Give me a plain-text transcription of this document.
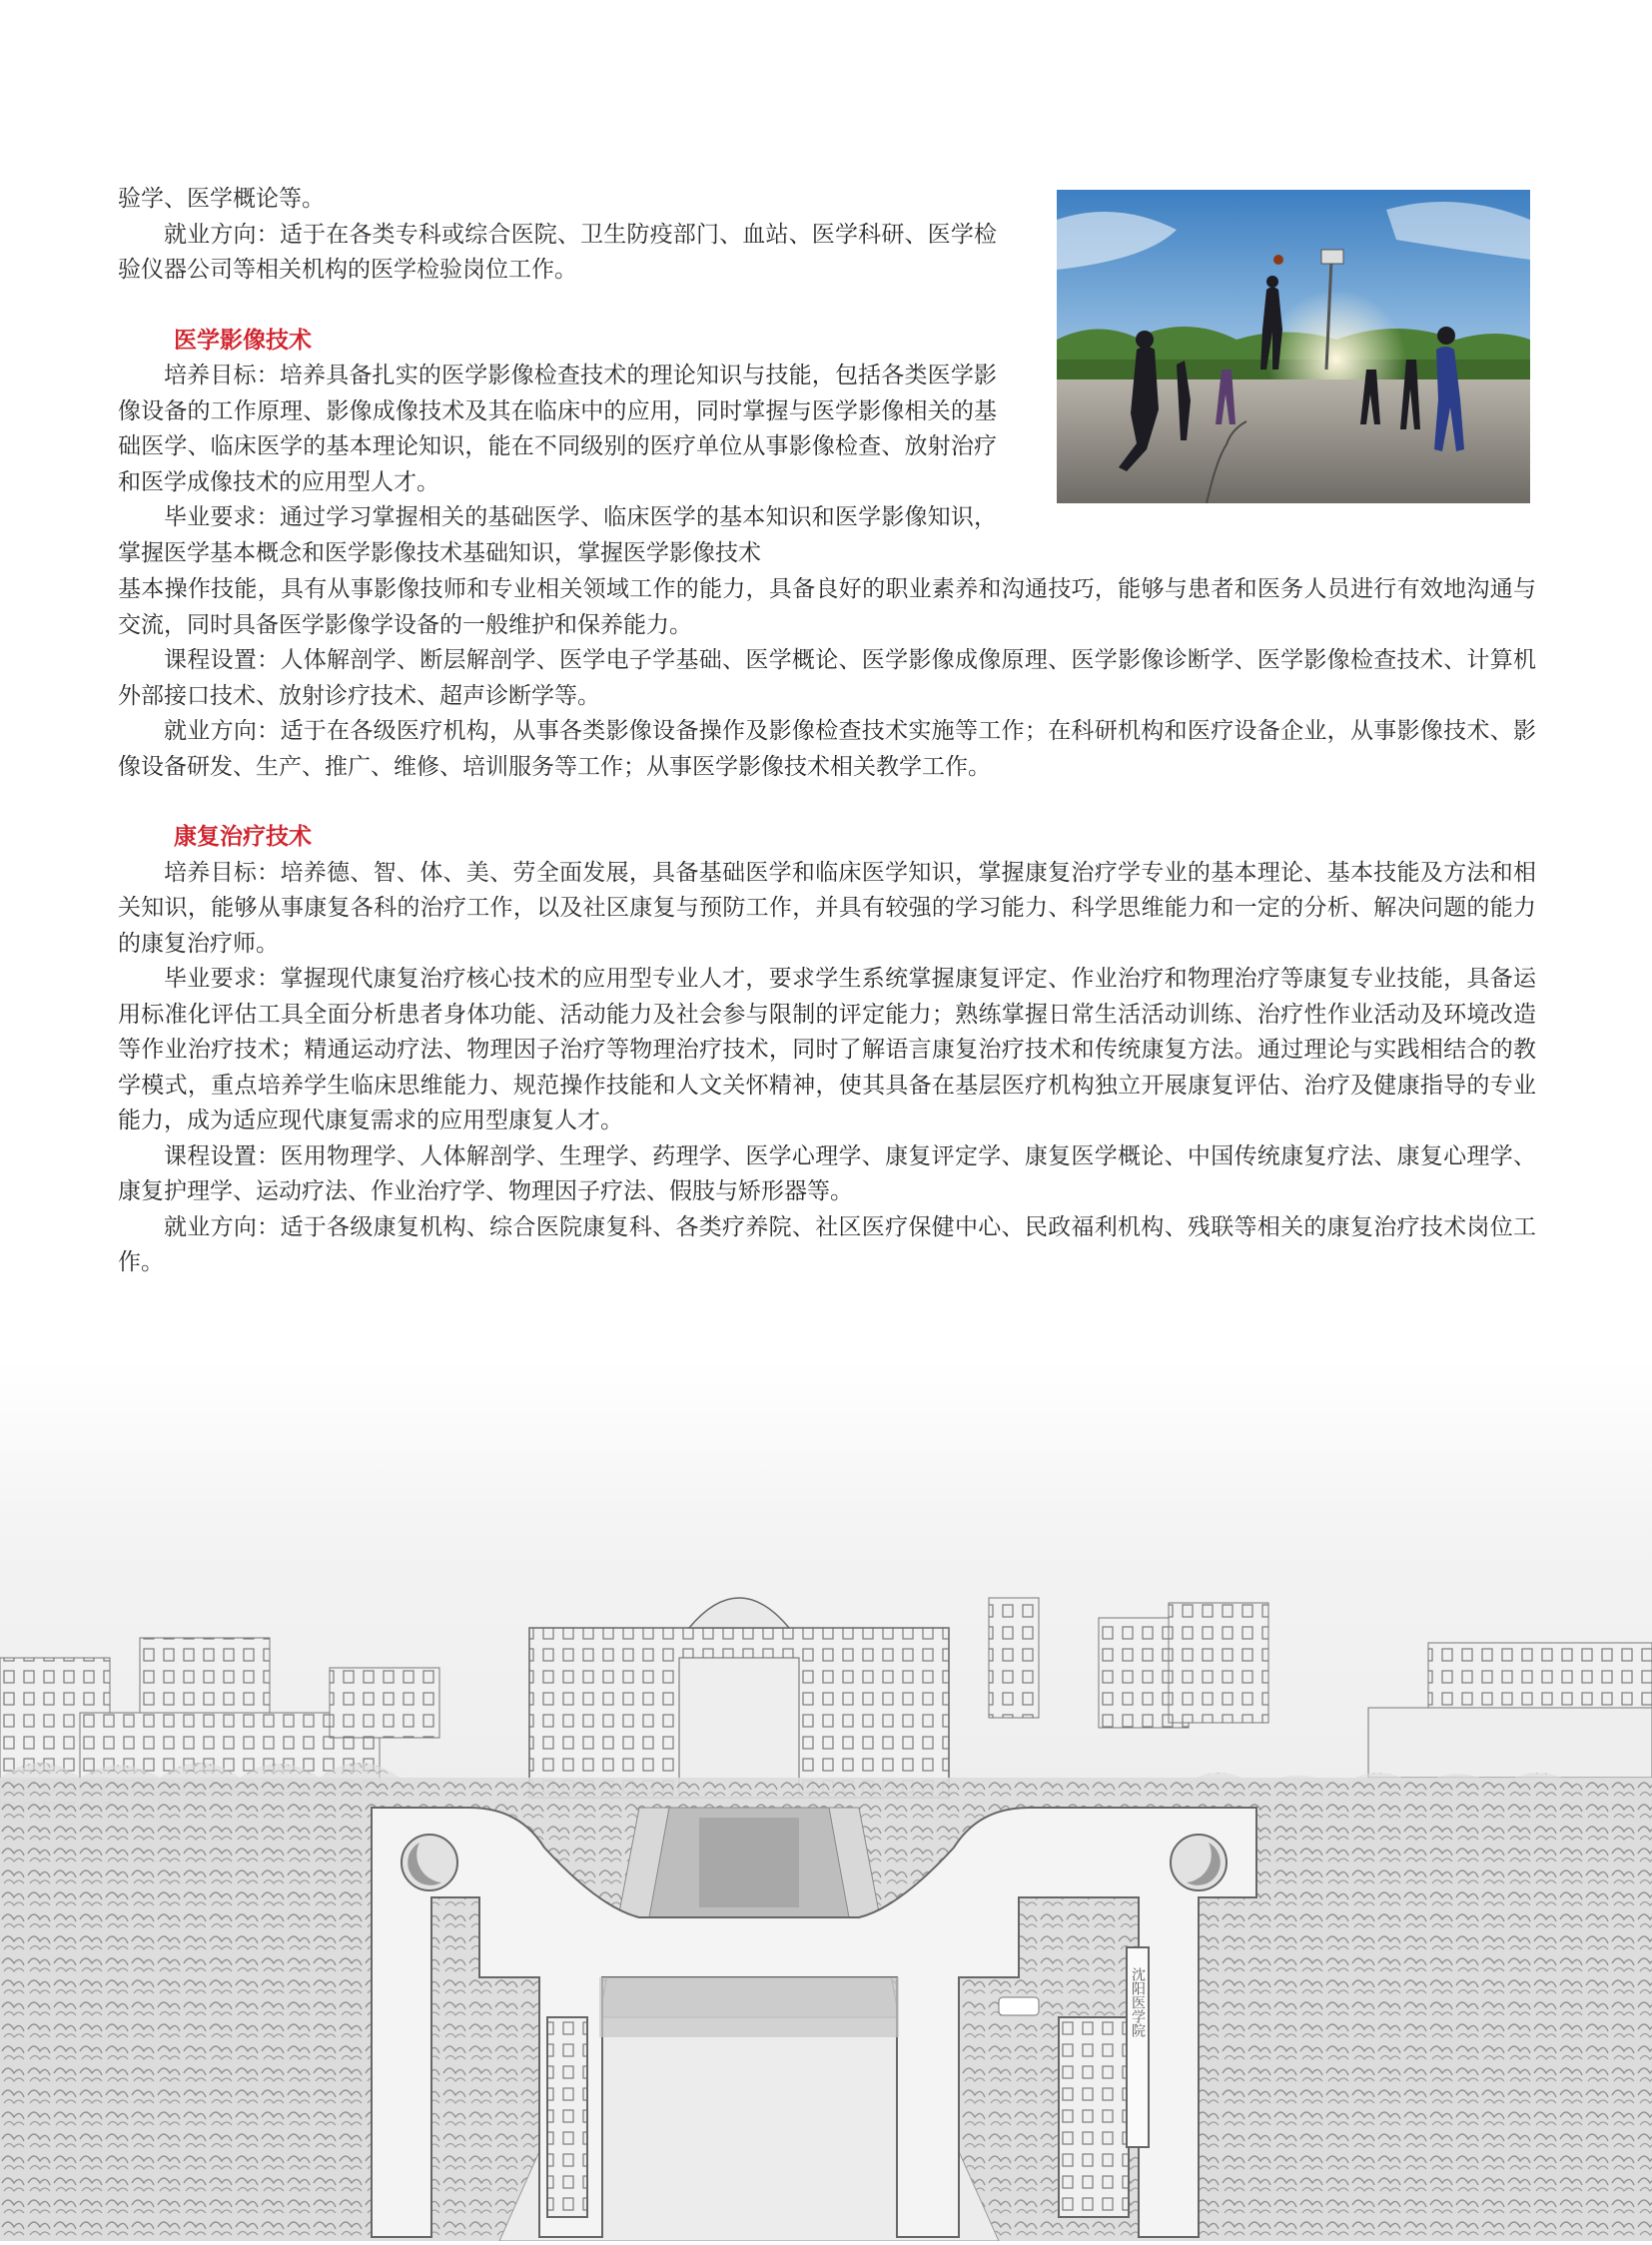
验学、医学概论等。

就业方向：适于在各类专科或综合医院、卫生防疫部门、血站、医学科研、医学检验仪器公司等相关机构的医学检验岗位工作。

医学影像技术

培养目标：培养具备扎实的医学影像检查技术的理论知识与技能，包括各类医学影像设备的工作原理、影像成像技术及其在临床中的应用，同时掌握与医学影像相关的基础医学、临床医学的基本理论知识，能在不同级别的医疗单位从事影像检查、放射治疗和医学成像技术的应用型人才。

毕业要求：通过学习掌握相关的基础医学、临床医学的基本知识和医学影像知识，掌握医学基本概念和医学影像技术基础知识，掌握医学影像技术

基本操作技能，具有从事影像技师和专业相关领域工作的能力，具备良好的职业素养和沟通技巧，能够与患者和医务人员进行有效地沟通与交流，同时具备医学影像学设备的一般维护和保养能力。

课程设置：人体解剖学、断层解剖学、医学电子学基础、医学概论、医学影像成像原理、医学影像诊断学、医学影像检查技术、计算机外部接口技术、放射诊疗技术、超声诊断学等。

就业方向：适于在各级医疗机构，从事各类影像设备操作及影像检查技术实施等工作；在科研机构和医疗设备企业，从事影像技术、影像设备研发、生产、推广、维修、培训服务等工作；从事医学影像技术相关教学工作。

康复治疗技术

培养目标：培养德、智、体、美、劳全面发展，具备基础医学和临床医学知识，掌握康复治疗学专业的基本理论、基本技能及方法和相关知识，能够从事康复各科的治疗工作，以及社区康复与预防工作，并具有较强的学习能力、科学思维能力和一定的分析、解决问题的能力的康复治疗师。

毕业要求：掌握现代康复治疗核心技术的应用型专业人才，要求学生系统掌握康复评定、作业治疗和物理治疗等康复专业技能，具备运用标准化评估工具全面分析患者身体功能、活动能力及社会参与限制的评定能力；熟练掌握日常生活活动训练、治疗性作业活动及环境改造等作业治疗技术；精通运动疗法、物理因子治疗等物理治疗技术，同时了解语言康复治疗技术和传统康复方法。通过理论与实践相结合的教学模式，重点培养学生临床思维能力、规范操作技能和人文关怀精神，使其具备在基层医疗机构独立开展康复评估、治疗及健康指导的专业能力，成为适应现代康复需求的应用型康复人才。

课程设置：医用物理学、人体解剖学、生理学、药理学、医学心理学、康复评定学、康复医学概论、中国传统康复疗法、康复心理学、康复护理学、运动疗法、作业治疗学、物理因子疗法、假肢与矫形器等。

就业方向：适于各级康复机构、综合医院康复科、各类疗养院、社区医疗保健中心、民政福利机构、残联等相关的康复治疗技术岗位工作。

沈阳医学院
